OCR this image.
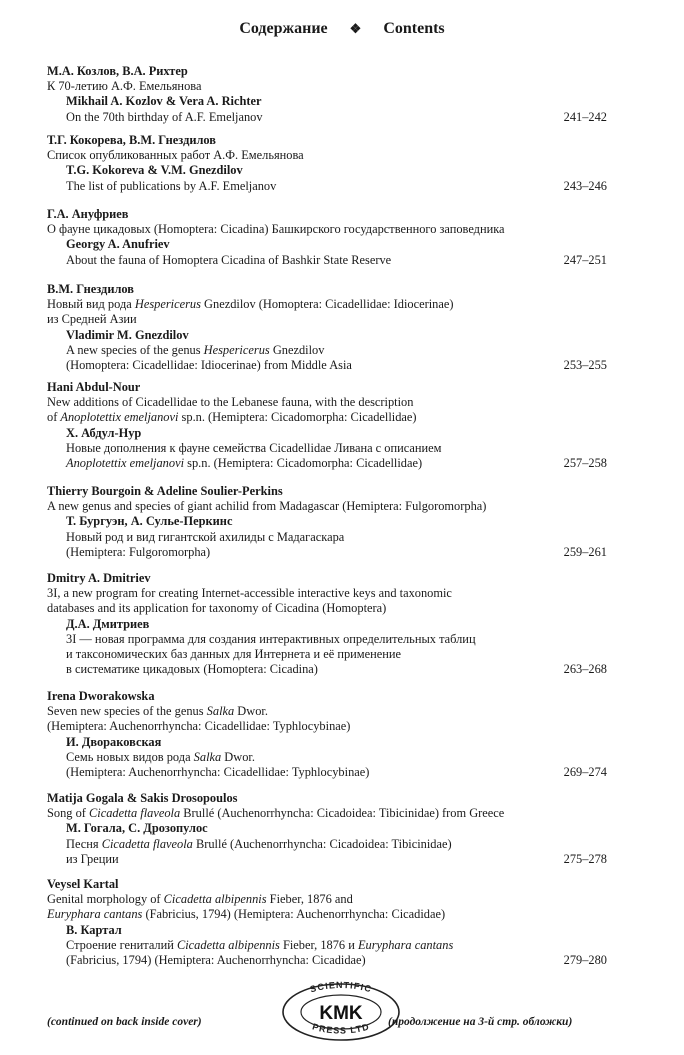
Содержание ❖ Contents
М.А. Козлов, В.А. Рихтер
К 70-летию А.Ф. Емельянова
Mikhail A. Kozlov & Vera A. Richter
On the 70th birthday of A.F. Emeljanov	241–242
Т.Г. Кокорева, В.М. Гнездилов
Список опубликованных работ А.Ф. Емельянова
T.G. Kokoreva & V.M. Gnezdilov
The list of publications by A.F. Emeljanov	243–246
Г.А. Ануфриев
О фауне цикадовых (Homoptera: Cicadina) Башкирского государственного заповедника
Georgy A. Anufriev
About the fauna of Homoptera Cicadina of Bashkir State Reserve	247–251
В.М. Гнездилов
Новый вид рода Hespericerus Gnezdilov (Homoptera: Cicadellidae: Idiocerinae)
из Средней Азии
Vladimir M. Gnezdilov
A new species of the genus Hespericerus Gnezdilov
(Homoptera: Cicadellidae: Idiocerinae) from Middle Asia	253–255
Hani Abdul-Nour
New additions of Cicadellidae to the Lebanese fauna, with the description
of Anoplotettix emeljanovi sp.n. (Hemiptera: Cicadomorpha: Cicadellidae)
Х. Абдул-Нур
Новые дополнения к фауне семейства Cicadellidae Ливана с описанием
Anoplotettix emeljanovi sp.n. (Hemiptera: Cicadomorpha: Cicadellidae)	257–258
Thierry Bourgoin & Adeline Soulier-Perkins
A new genus and species of giant achilid from Madagascar (Hemiptera: Fulgoromorpha)
Т. Бургуэн, А. Сулье-Перкинс
Новый род и вид гигантской ахилиды с Мадагаскара
(Hemiptera: Fulgoromorpha)	259–261
Dmitry A. Dmitriev
3I, a new program for creating Internet-accessible interactive keys and taxonomic
databases and its application for taxonomy of Cicadina (Homoptera)
Д.А. Дмитриев
3I — новая программа для создания интерактивных определительных таблиц
и таксономических баз данных для Интернета и её применение
в систематике цикадовых (Homoptera: Cicadina)	263–268
Irena Dworakowska
Seven new species of the genus Salka Dwor.
(Hemiptera: Auchenorrhyncha: Cicadellidae: Typhlocybinae)
И. Дворaковская
Семь новых видов рода Salka Dwor.
(Hemiptera: Auchenorrhyncha: Cicadellidae: Typhlocybinae)	269–274
Matija Gogala & Sakis Drosopoulos
Song of Cicadetta flaveola Brullé (Auchenorrhyncha: Cicadoidea: Tibicinidae) from Greece
М. Гогала, С. Дрозопулос
Песня Cicadetta flaveola Brullé (Auchenorrhyncha: Cicadoidea: Tibicinidae)
из Греции	275–278
Veysel Kartal
Genital morphology of Cicadetta albipennis Fieber, 1876 and
Euryphara cantans (Fabricius, 1794) (Hemiptera: Auchenorrhyncha: Cicadidae)
В. Картал
Строение гениталий Cicadetta albipennis Fieber, 1876 и Euryphara cantans
(Fabricius, 1794) (Hemiptera: Auchenorrhyncha: Cicadidae)	279–280
SCIENTIFIC
PRESS LTD
KMK
(continued on back inside cover)	(продолжение на 3-й стр. обложки)
